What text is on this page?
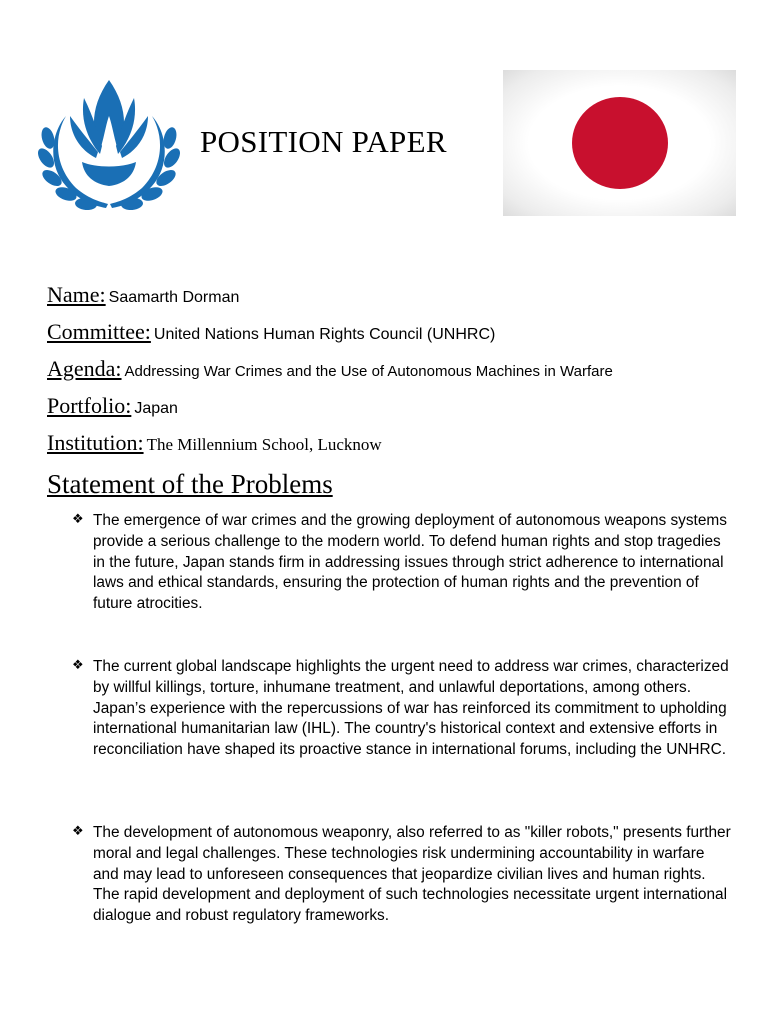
POSITION PAPER
Name: Saamarth Dorman
Committee: United Nations Human Rights Council (UNHRC)
Agenda: Addressing War Crimes and the Use of Autonomous Machines in Warfare
Portfolio: Japan
Institution: The Millennium School, Lucknow
Statement of the Problems
❖ The emergence of war crimes and the growing deployment of autonomous weapons systems provide a serious challenge to the modern world. To defend human rights and stop tragedies in the future, Japan stands firm in addressing issues through strict adherence to international laws and ethical standards, ensuring the protection of human rights and the prevention of future atrocities.
❖ The current global landscape highlights the urgent need to address war crimes, characterized by willful killings, torture, inhumane treatment, and unlawful deportations, among others. Japan’s experience with the repercussions of war has reinforced its commitment to upholding international humanitarian law (IHL). The country's historical context and extensive efforts in reconciliation have shaped its proactive stance in international forums, including the UNHRC.
❖ The development of autonomous weaponry, also referred to as "killer robots," presents further moral and legal challenges. These technologies risk undermining accountability in warfare and may lead to unforeseen consequences that jeopardize civilian lives and human rights. The rapid development and deployment of such technologies necessitate urgent international dialogue and robust regulatory frameworks.
